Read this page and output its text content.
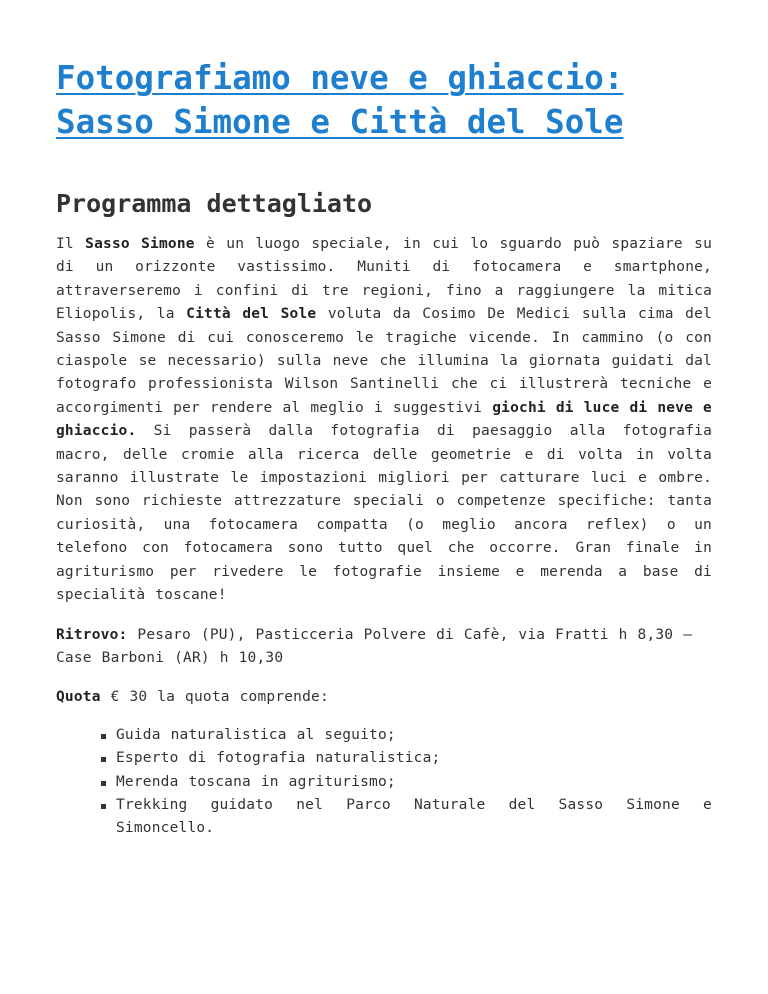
Fotografiamo neve e ghiaccio: Sasso Simone e Città del Sole
Programma dettagliato

Il Sasso Simone è un luogo speciale, in cui lo sguardo può spaziare su di un orizzonte vastissimo. Muniti di fotocamera e smartphone, attraverseremo i confini di tre regioni, fino a raggiungere la mitica Eliopolis, la Città del Sole voluta da Cosimo De Medici sulla cima del Sasso Simone di cui conosceremo le tragiche vicende. In cammino (o con ciaspole se necessario) sulla neve che illumina la giornata guidati dal fotografo professionista Wilson Santinelli che ci illustrerà tecniche e accorgimenti per rendere al meglio i suggestivi giochi di luce di neve e ghiaccio. Si passerà dalla fotografia di paesaggio alla fotografia macro, delle cromie alla ricerca delle geometrie e di volta in volta saranno illustrate le impostazioni migliori per catturare luci e ombre. Non sono richieste attrezzature speciali o competenze specifiche: tanta curiosità, una fotocamera compatta (o meglio ancora reflex) o un telefono con fotocamera sono tutto quel che occorre. Gran finale in agriturismo per rivedere le fotografie insieme e merenda a base di specialità toscane!

Ritrovo: Pesaro (PU), Pasticceria Polvere di Cafè, via Fratti h 8,30 – Case Barboni (AR) h 10,30

Quota € 30 la quota comprende:

Guida naturalistica al seguito;
Esperto di fotografia naturalistica;
Merenda toscana in agriturismo;
Trekking guidato nel Parco Naturale del Sasso Simone e Simoncello.
